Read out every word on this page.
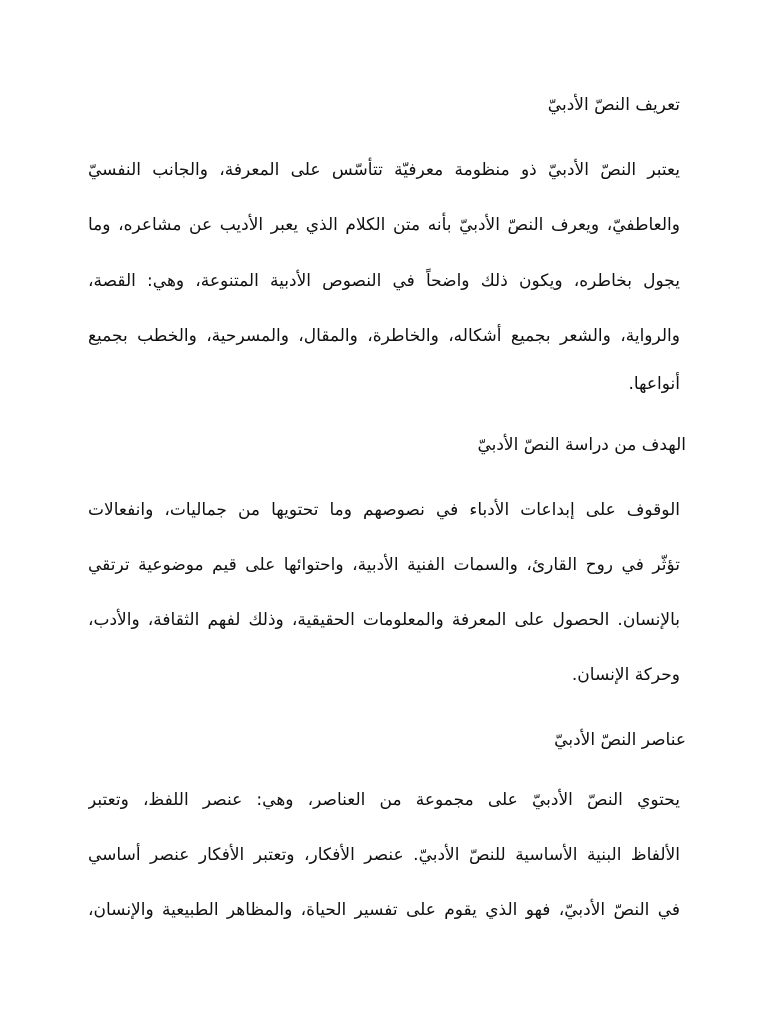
تعريف النصّ الأدبيّ
يعتبر النصّ الأدبيّ ذو منظومة معرفيّة تتأسّس على المعرفة، والجانب النفسيّ
والعاطفيّ، ويعرف النصّ الأدبيّ بأنه متن الكلام الذي يعبر الأديب عن مشاعره، وما
يجول بخاطره، ويكون ذلك واضحاً في النصوص الأدبية المتنوعة، وهي: القصة،
والرواية، والشعر بجميع أشكاله، والخاطرة، والمقال، والمسرحية، والخطب بجميع
أنواعها.
الهدف من دراسة النصّ الأدبيّ
الوقوف على إبداعات الأدباء في نصوصهم وما تحتويها من جماليات، وانفعالات
تؤثّر في روح القارئ، والسمات الفنية الأدبية، واحتوائها على قيم موضوعية ترتقي
بالإنسان. الحصول على المعرفة والمعلومات الحقيقية، وذلك لفهم الثقافة، والأدب،
وحركة الإنسان.
عناصر النصّ الأدبيّ
يحتوي النصّ الأدبيّ على مجموعة من العناصر، وهي: عنصر اللفظ، وتعتبر
الألفاظ البنية الأساسية للنصّ الأدبيّ. عنصر الأفكار، وتعتبر الأفكار عنصر أساسي
في النصّ الأدبيّ، فهو الذي يقوم على تفسير الحياة، والمظاهر الطبيعية والإنسان،
